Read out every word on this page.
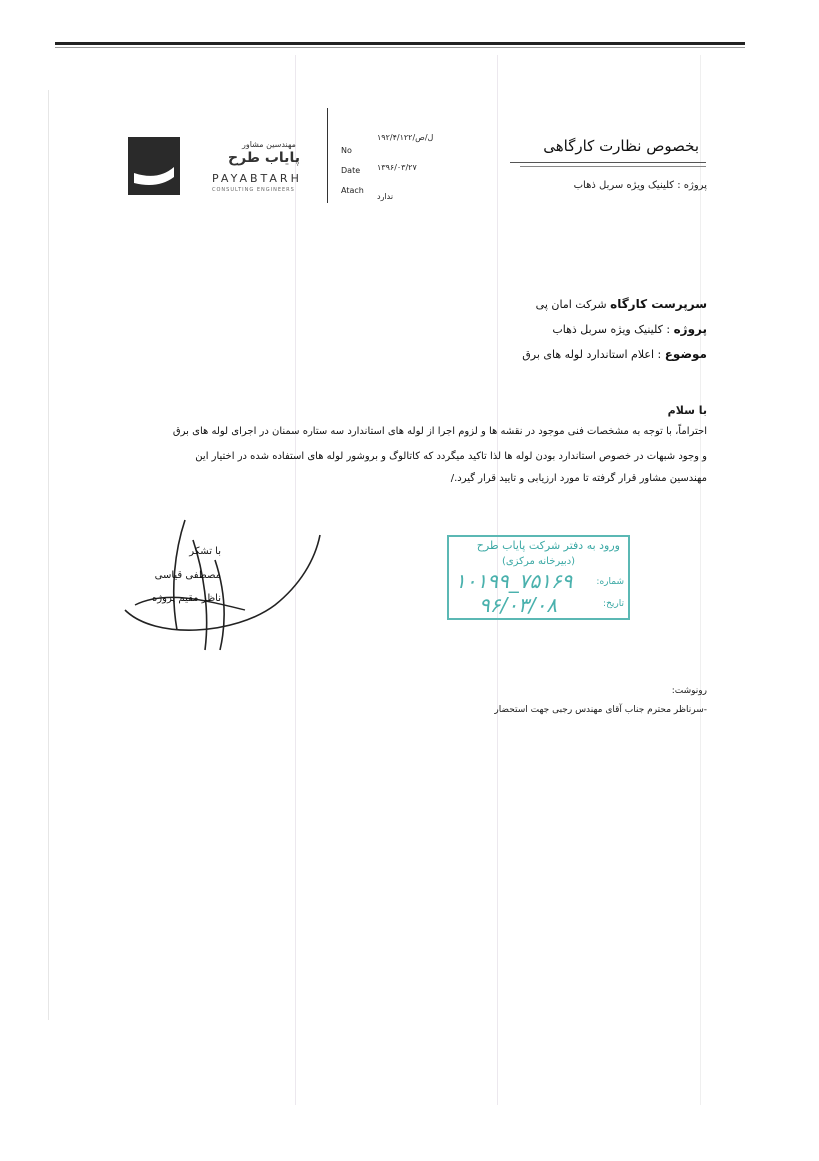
مهندسین مشاور
پایاب طرح
PAYABTARH
CONSULTING ENGINEERS
No
۱۹۲/۴/ل/ص/۱۲۲
Date ۱۳۹۶/۰۳/۲۷
Atach
ندارد
بخصوص نظارت کارگاهی
پروژه : کلینیک ویژه سربل ذهاب
سرپرست کارگاه شرکت امان پی
پروژه : کلینیک ویژه سربل ذهاب
موضوع : اعلام استاندارد لوله های برق
با سلام
احتراماً، با توجه به مشخصات فنی موجود در نقشه ها و لزوم اجرا از لوله های استاندارد سه ستاره سمنان در اجرای لوله های برق
و وجود شبهات در خصوص استاندارد بودن لوله ها لذا تاکید میگردد که کاتالوگ و بروشور لوله های استفاده شده در اختیار این
مهندسین مشاور قرار گرفته تا مورد ارزیابی و تایید قرار گیرد./
با تشکر
مصطفی قیاسی
ناظر مقیم پروژه
ورود به دفتر شرکت پایاب طرح
(دبیرخانه مرکزی)
شماره:
۱۰۱۹۹_۷۵۱۶۹
تاریخ:
۹۶/۰۳/۰۸
رونوشت:
-سرناظر محترم جناب آقای مهندس رجبی جهت استحضار
